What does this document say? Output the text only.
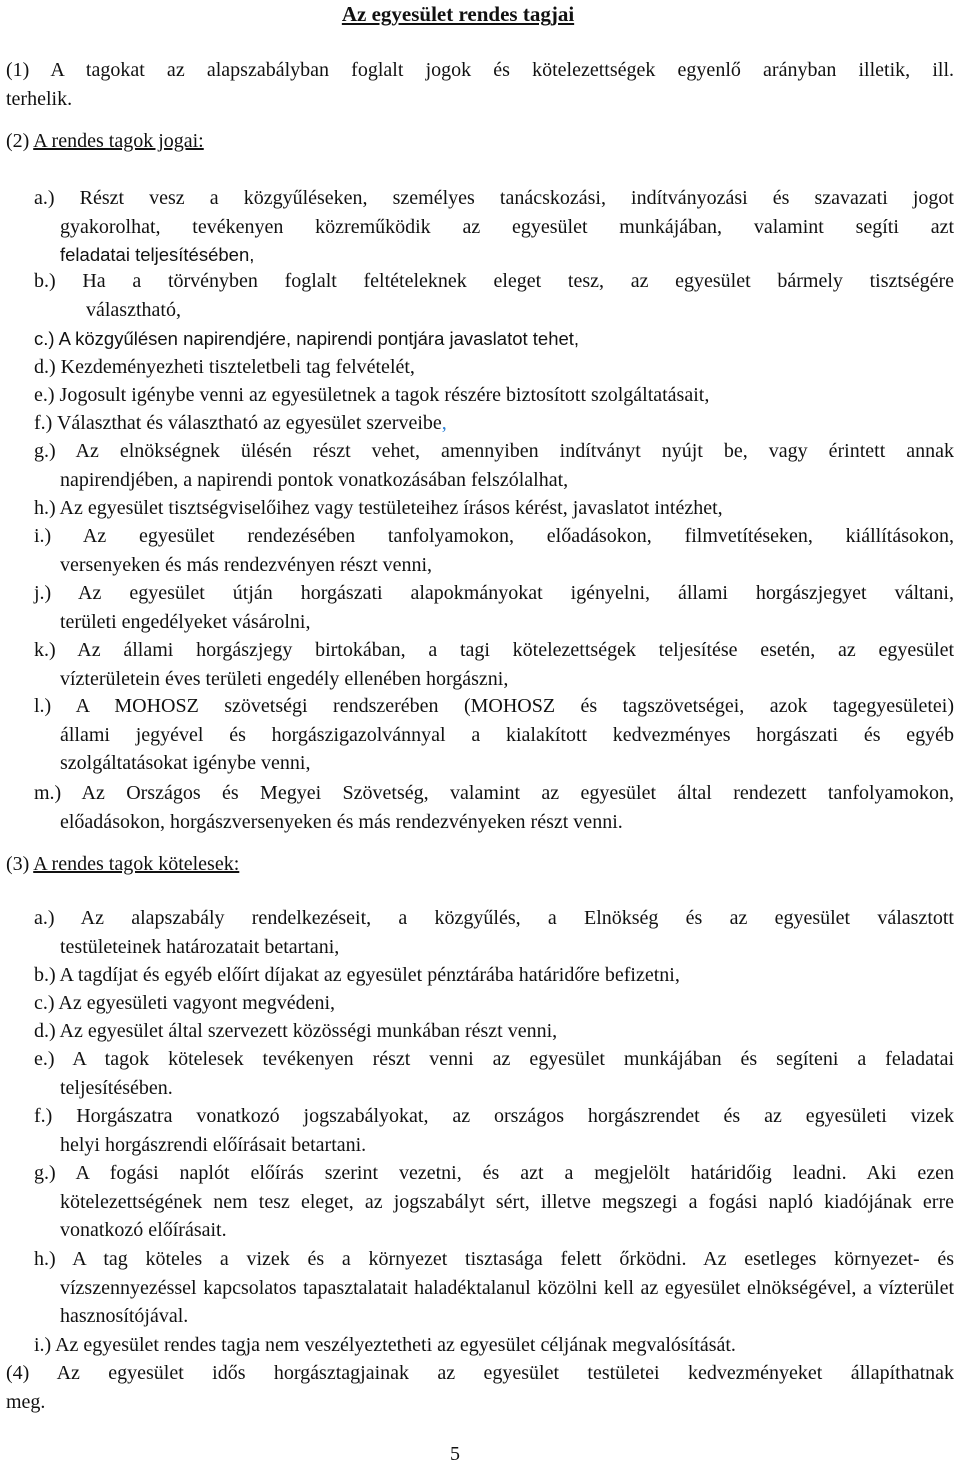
Az egyesület rendes tagjai
(1) A tagokat az alapszabályban foglalt jogok és kötelezettségek egyenlő arányban illetik, ill.
terhelik.
(2) A rendes tagok jogai:
a.) Részt vesz a közgyűléseken, személyes tanácskozási, indítványozási és szavazati jogot
gyakorolhat, tevékenyen közreműködik az egyesület munkájában, valamint segíti azt
feladatai teljesítésében,
b.) Ha a törvényben foglalt feltételeknek eleget tesz, az egyesület bármely tisztségére
választható,
c.) A közgyűlésen napirendjére, napirendi pontjára javaslatot tehet,
d.) Kezdeményezheti tiszteletbeli tag felvételét,
e.) Jogosult igénybe venni az egyesületnek a tagok részére biztosított szolgáltatásait,
f.) Választhat és választható az egyesület szerveibe,
g.) Az elnökségnek ülésén részt vehet, amennyiben indítványt nyújt be, vagy érintett annak
napirendjében, a napirendi pontok vonatkozásában felszólalhat,
h.) Az egyesület tisztségviselőihez vagy testületeihez írásos kérést, javaslatot intézhet,
i.) Az egyesület rendezésében tanfolyamokon, előadásokon, filmvetítéseken, kiállításokon,
versenyeken és más rendezvényen részt venni,
j.) Az egyesület útján horgászati alapokmányokat igényelni, állami horgászjegyet váltani,
területi engedélyeket vásárolni,
k.) Az állami horgászjegy birtokában, a tagi kötelezettségek teljesítése esetén, az egyesület
vízterületein éves területi engedély ellenében horgászni,
l.) A MOHOSZ szövetségi rendszerében (MOHOSZ és tagszövetségei, azok tagegyesületei)
állami jegyével és horgászigazolvánnyal a kialakított kedvezményes horgászati és egyéb
szolgáltatásokat igénybe venni,
m.) Az Országos és Megyei Szövetség, valamint az egyesület által rendezett tanfolyamokon,
előadásokon, horgászversenyeken és más rendezvényeken részt venni.
(3) A rendes tagok kötelesek:
a.) Az alapszabály rendelkezéseit, a közgyűlés, a Elnökség és az egyesület választott
testületeinek határozatait betartani,
b.) A tagdíjat és egyéb előírt díjakat az egyesület pénztárába határidőre befizetni,
c.) Az egyesületi vagyont megvédeni,
d.) Az egyesület által szervezett közösségi munkában részt venni,
e.) A tagok kötelesek tevékenyen részt venni az egyesület munkájában és segíteni a feladatai
teljesítésében.
f.) Horgászatra vonatkozó jogszabályokat, az országos horgászrendet és az egyesületi vizek
helyi horgászrendi előírásait betartani.
g.) A fogási naplót előírás szerint vezetni, és azt a megjelölt határidőig leadni. Aki ezen
kötelezettségének nem tesz eleget, az jogszabályt sért, illetve megszegi a fogási napló kiadójának erre vonatkozó előírásait.
h.) A tag köteles a vizek és a környezet tisztasága felett őrködni. Az esetleges környezet- és
vízszennyezéssel kapcsolatos tapasztalatait haladéktalanul közölni kell az egyesület elnökségével, a vízterület hasznosítójával.
i.) Az egyesület rendes tagja nem veszélyeztetheti az egyesület céljának megvalósítását.
(4) Az egyesület idős horgásztagjainak az egyesület testületei kedvezményeket állapíthatnak
meg.
5
